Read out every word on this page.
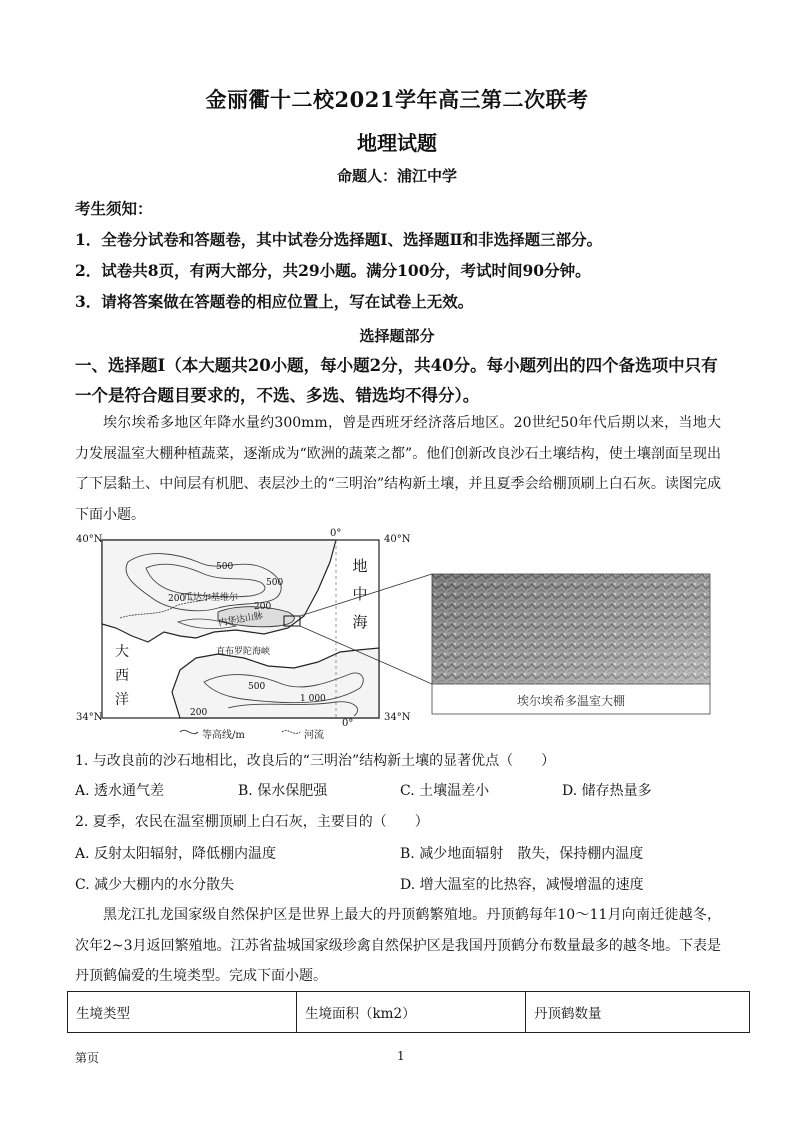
金丽衢十二校2021学年高三第二次联考
地理试题
命题人：浦江中学
考生须知：
1．全卷分试卷和答题卷，其中试卷分选择题Ⅰ、选择题Ⅱ和非选择题三部分。
2．试卷共8页，有两大部分，共29小题。满分100分，考试时间90分钟。
3．请将答案做在答题卷的相应位置上，写在试卷上无效。
选择题部分
一、选择题Ⅰ（本大题共20小题，每小题2分，共40分。每小题列出的四个备选项中只有
一个是符合题目要求的，不选、多选、错选均不得分）。
埃尔埃希多地区年降水量约300mm，曾是西班牙经济落后地区。20世纪50年代后期以来，当地大力发展温室大棚种植蔬菜，逐渐成为“欧洲的蔬菜之都”。他们创新改良沙石土壤结构，使土壤剖面呈现出了下层黏土、中间层有机肥、表层沙土的“三明治”结构新土壤，并且夏季会给棚顶刷上白石灰。读图完成下面小题。
40°N	40°N
34°N	34°N
0°
0°
地中海
大西洋
直布罗陀海峡
内华达山脉
瓜达尔基维尔
500
200
200
500
1 000
500
200
等高线/m	河流
埃尔埃希多温室大棚
1. 与改良前的沙石地相比，改良后的“三明治”结构新土壤的显著优点（　　）
A. 透水通气差	B. 保水保肥强	C. 土壤温差小	D. 储存热量多
2. 夏季，农民在温室棚顶刷上白石灰，主要目的（　　）
A. 反射太阳辐射，降低棚内温度	B. 减少地面辐射　散失，保持棚内温度
C. 减少大棚内的水分散失	D. 增大温室的比热容，减慢增温的速度
黑龙江扎龙国家级自然保护区是世界上最大的丹顶鹤繁殖地。丹顶鹤每年10～11月向南迁徙越冬，次年2~3月返回繁殖地。江苏省盐城国家级珍禽自然保护区是我国丹顶鹤分布数量最多的越冬地。下表是丹顶鹤偏爱的生境类型。完成下面小题。
生境类型	生境面积（km2）	丹顶鹤数量
第页	1
